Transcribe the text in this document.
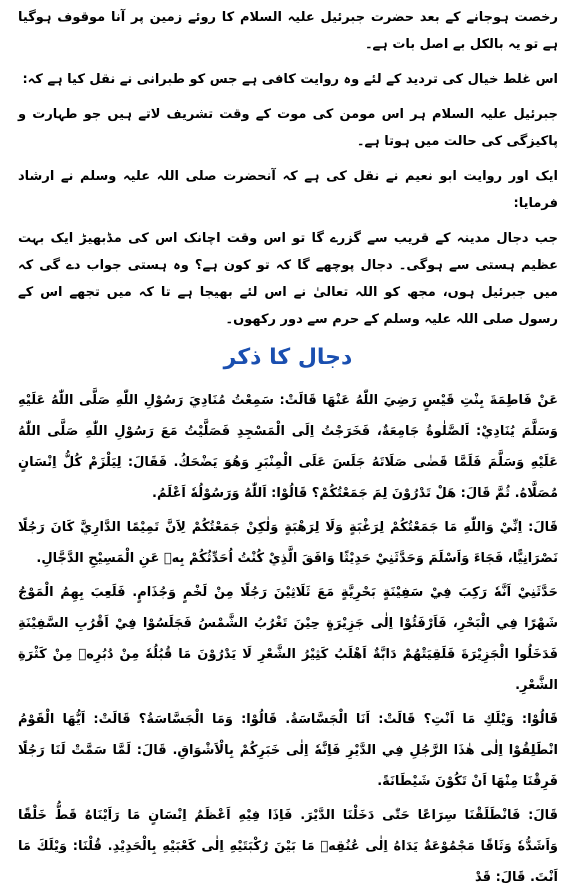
رخصت ہوجانے کے بعد حضرت جبرئیل علیہ السلام کا روئے زمین پر آنا موقوف ہوگیا ہے تو یہ بالکل بے اصل بات ہے۔

اس غلط خیال کی تردید کے لئے وہ روایت کافی ہے جس کو طبرانی نے نقل کیا ہے کہ:

جبرئیل علیہ السلام ہر اس مومن کی موت کے وقت تشریف لاتے ہیں جو طہارت و پاکیزگی کی حالت میں ہوتا ہے۔

ایک اور روایت ابو نعیم نے نقل کی ہے کہ آنحضرت صلی اللہ علیہ وسلم نے ارشاد فرمایا:

جب دجال مدینہ کے قریب سے گزرے گا تو اس وقت اچانک اس کی مڈبھیڑ ایک بہت عظیم ہستی سے ہوگی۔ دجال پوچھے گا کہ تو کون ہے؟ وہ ہستی جواب دے گی کہ میں جبرئیل ہوں، مجھ کو اللہ تعالیٰ نے اس لئے بھیجا ہے تا کہ میں تجھے اس کے رسول صلی اللہ علیہ وسلم کے حرم سے دور رکھوں۔

دجال کا ذکر

عَنْ فَاطِمَةَ بِنْتِ قَيْسٍ رَضِيَ اللّٰهُ عَنْهَا قَالَتْ: سَمِعْتُ مُنَادِيَ رَسُوْلِ اللّٰهِ صَلَّى اللّٰهُ عَلَيْهِ وَسَلَّمَ يُنَادِيْ: اَلصَّلٰوةُ جَامِعَةٌ، فَخَرَجْتُ اِلَى الْمَسْجِدِ فَصَلَّيْتُ مَعَ رَسُوْلِ اللّٰهِ صَلَّى اللّٰهُ عَلَيْهِ وَسَلَّمَ فَلَمَّا قَضٰى صَلَاتَهُ جَلَسَ عَلَى الْمِنْبَرِ وَهُوَ يَضْحَكُ. فَقَالَ: لِيَلْزَمْ كُلُّ اِنْسَانٍ مُصَلَّاهُ. ثُمَّ قَالَ: هَلْ تَدْرُوْنَ لِمَ جَمَعْتُكُمْ؟ قَالُوْا: اَللّٰهُ وَرَسُوْلُهٗ اَعْلَمُ.

قَالَ: اِنِّيْ وَاللّٰهِ مَا جَمَعْتُكُمْ لِرَغْبَةٍ وَلَا لِرَهْبَةٍ وَلٰكِنْ جَمَعْتُكُمْ لِاَنَّ تَمِيْمًا الدَّارِيَّ كَانَ رَجُلًا نَصْرَانِيًّا، فَجَاءَ وَاَسْلَمَ وَحَدَّثَنِيْ حَدِيْثًا وَافَقَ الَّذِيْ كُنْتُ اُحَدِّثُكُمْ بِهٖ عَنِ الْمَسِيْحِ الدَّجَّالِ.

حَدَّثَنِيْ اَنَّهٗ رَكِبَ فِيْ سَفِيْنَةٍ بَحْرِيَّةٍ مَعَ ثَلَاثِيْنَ رَجُلًا مِنْ لَخْمٍ وَجُذَامٍ. فَلَعِبَ بِهِمُ الْمَوْجُ شَهْرًا فِي الْبَحْرِ، فَاَرْفَئُوْا اِلٰى جَزِيْرَةٍ حِيْنَ تَغْرُبُ الشَّمْسُ فَجَلَسُوْا فِيْ اَقْرُبِ السَّفِيْنَةِ فَدَخَلُوا الْجَزِيْرَةَ فَلَقِيَتْهُمْ دَابَّةٌ اَهْلَبُ كَثِيْرُ الشَّعْرِ لَا يَدْرُوْنَ مَا قُبُلُهٗ مِنْ دُبُرِهٖ مِنْ كَثْرَةِ الشَّعْرِ.

قَالُوْا: وَيْلَكِ مَا اَنْتِ؟ قَالَتْ: اَنَا الْجَسَّاسَةُ. قَالُوْا: وَمَا الْجَسَّاسَةُ؟ قَالَتْ: اَيُّهَا الْقَوْمُ انْطَلِقُوْا اِلٰى هٰذَا الرَّجُلِ فِي الدَّيْرِ فَاِنَّهٗ اِلٰى خَبَرِكُمْ بِالْاَشْوَاقِ. قَالَ: لَمَّا سَمَّتْ لَنَا رَجُلًا فَرِقْنَا مِنْهَا اَنْ تَكُوْنَ شَيْطَانَةً.

قَالَ: فَانْطَلَقْنَا سِرَاعًا حَتّٰى دَخَلْنَا الدَّيْرَ. فَاِذَا فِيْهِ اَعْظَمُ اِنْسَانٍ مَا رَاَيْنَاهُ قَطُّ خَلْقًا وَاَشَدُّهٗ وَثَاقًا مَجْمُوْعَةٌ يَدَاهُ اِلٰى عُنُقِهٖ مَا بَيْنَ رُكْبَتَيْهِ اِلٰى كَعْبَيْهِ بِالْحَدِيْدِ. قُلْنَا: وَيْلَكَ مَا اَنْتَ. قَالَ: قَدْ
